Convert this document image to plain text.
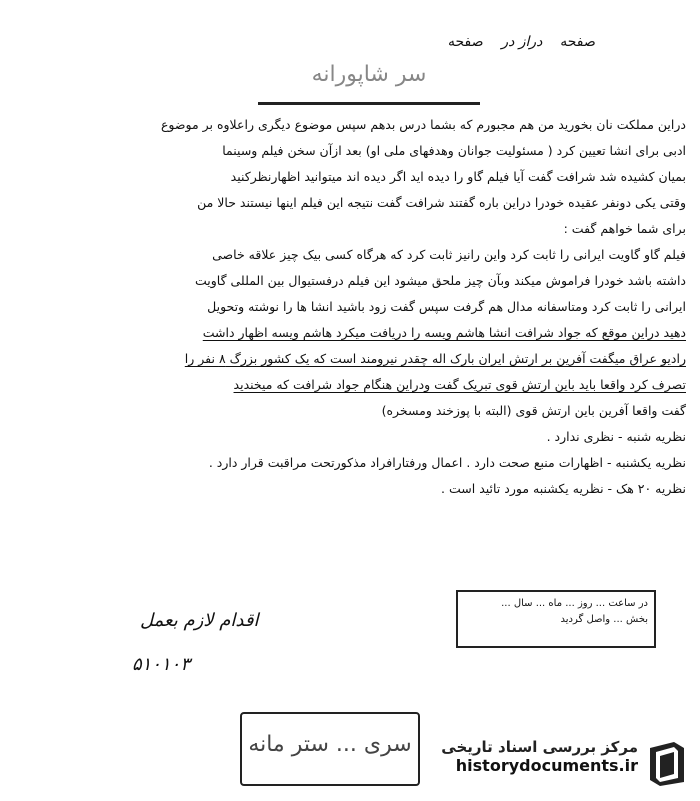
صفحه    دراز در    صفحه
سر شاپورانه
دراین مملکت نان بخورید من هم مجبورم که بشما درس بدهم سپس موضوع دیگری راعلاوه بر موضوع
ادبی برای انشا تعیین کرد ( مسئولیت جوانان وهدفهای ملی او) بعد ازآن سخن فیلم وسینما
بمیان کشیده شد شرافت گفت آیا فیلم گاو را دیده اید اگر دیده اند میتوانید اظهارنظرکنید
وقتی یکی دونفر عقیده خودرا دراین باره گفتند شرافت گفت نتیجه این فیلم اینها نیستند حالا من
برای شما خواهم گفت :
فیلم گاو گاویت ایرانی را ثابت کرد واین رانیز ثابت کرد که هرگاه کسی بیک چیز علاقه خاصی
داشته باشد خودرا فراموش میکند وبآن چیز ملحق میشود این فیلم درفستیوال بین المللی گاویت
ایرانی را ثابت کرد ومتاسفانه مدال هم گرفت سپس گفت زود باشید انشا ها را نوشته وتحویل
دهید دراین موقع که جواد شرافت انشا هاشم ویسه را دریافت میکرد هاشم ویسه اظهار داشت
رادیو عراق میگفت آفرین بر ارتش ایران بارک اله چقدر نیرومند است که یک کشور بزرگ ۸ نفر را
تصرف کرد واقعا باید باین ارتش قوی تبریک گفت ودراین هنگام جواد شرافت که میخندید
گفت واقعا آفرین باین ارتش قوی (البته با پوزخند ومسخره)
نظریه شنبه - نظری ندارد .
نظریه یکشنبه - اظهارات منبع صحت دارد . اعمال ورفتارافراد مذکورتحت مراقبت قرار دارد .
نظریه ۲۰ هک - نظریه یکشنبه مورد تائید است .
اقدام لازم بعمل
۵۱۰۱۰۳
در ساعت ... روز ... ماه ... سال ...
بخش ... واصل گردید
سری ... ستر مانه	مرکز بررسی اسناد تاریخی
historydocuments.ir
